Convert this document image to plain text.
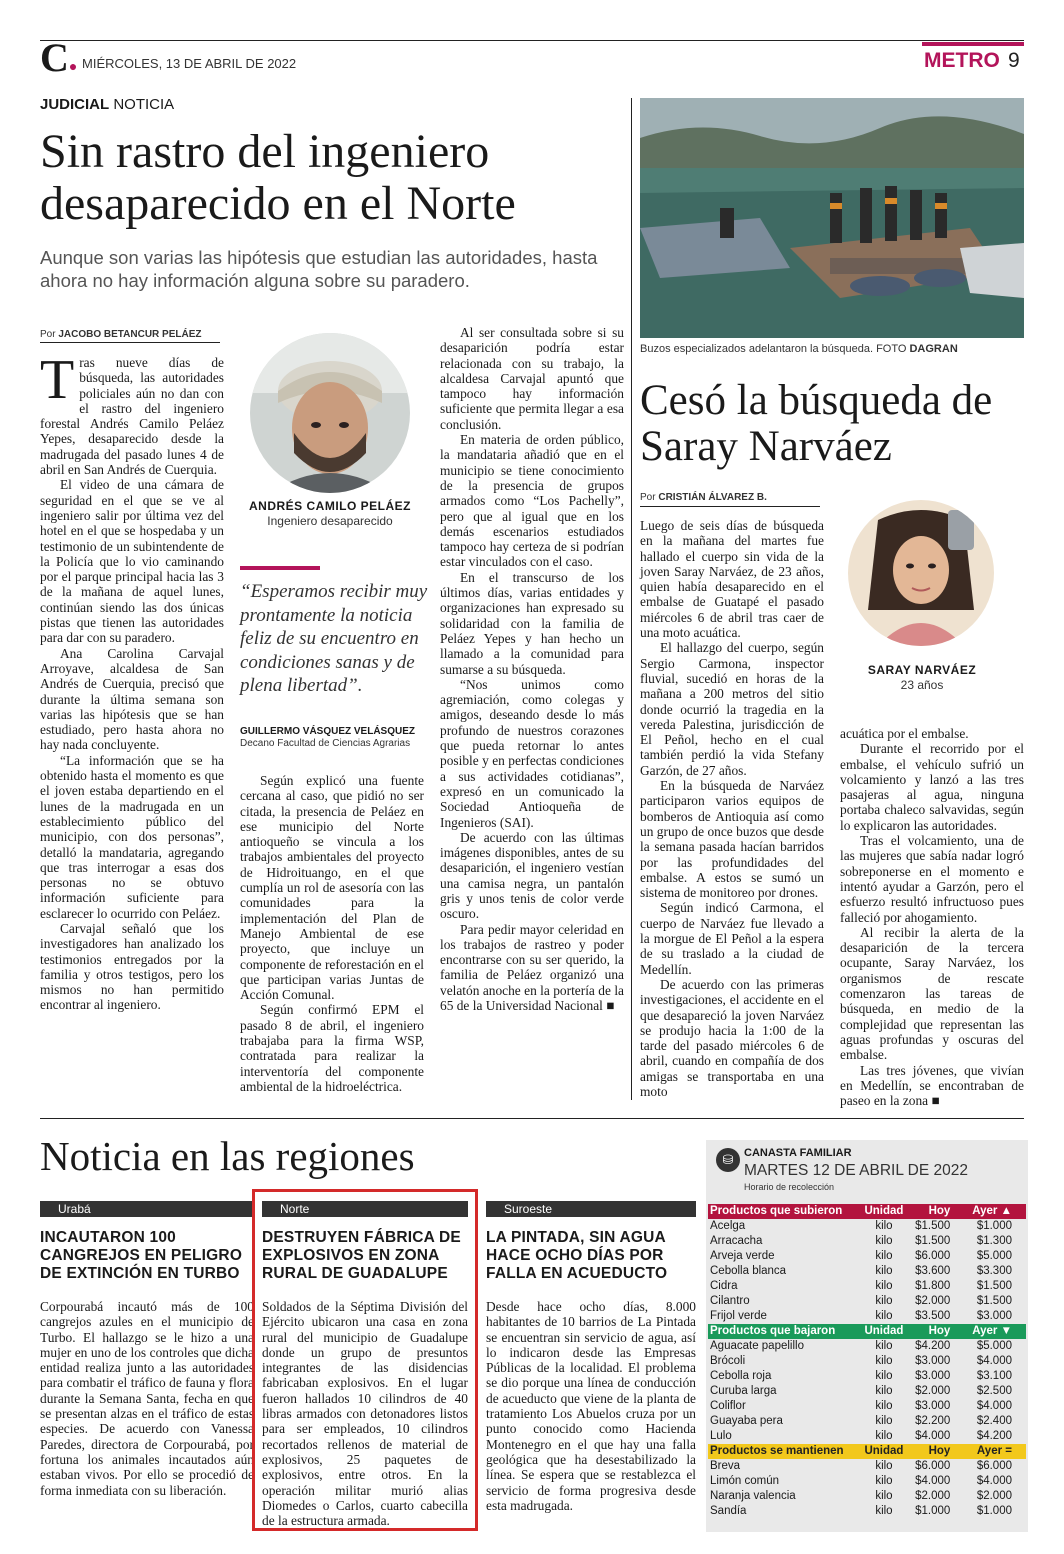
C● MIÉRCOLES, 13 DE ABRIL DE 2022	METRO 9
JUDICIAL NOTICIA
Sin rastro del ingeniero desaparecido en el Norte
Aunque son varias las hipótesis que estudian las autoridades, hasta ahora no hay información alguna sobre su paradero.
Por JACOBO BETANCUR PELÁEZ
T ras nueve días de búsqueda, las autoridades policiales aún no dan con el rastro del ingeniero forestal Andrés Camilo Peláez Yepes, desaparecido desde la madrugada del pasado lunes 4 de abril en San Andrés de Cuerquia.

El video de una cámara de seguridad en el que se ve al ingeniero salir por última vez del hotel en el que se hospedaba y un testimonio de un subintendente de la Policía que lo vio caminando por el parque principal hacia las 3 de la mañana de aquel lunes, continúan siendo las dos únicas pistas que tienen las autoridades para dar con su paradero.

Ana Carolina Carvajal Arroyave, alcaldesa de San Andrés de Cuerquia, precisó que durante la última semana son varias las hipótesis que se han estudiado, pero hasta ahora no hay nada concluyente.

“La información que se ha obtenido hasta el momento es que el joven estaba departiendo en el lunes de la madrugada en un establecimiento público del municipio, con dos personas”, detalló la mandataria, agregando que tras interrogar a esas dos personas no se obtuvo información suficiente para esclarecer lo ocurrido con Peláez.

Carvajal señaló que los investigadores han analizado los testimonios entregados por la familia y otros testigos, pero los mismos no han permitido encontrar al ingeniero.

ANDRÉS CAMILO PELÁEZ
Ingeniero desaparecido
“Esperamos recibir muy prontamente la noticia feliz de su encuentro en condiciones sanas y de plena libertad”.
GUILLERMO VÁSQUEZ VELÁSQUEZ
Decano Facultad de Ciencias Agrarias

Según explicó una fuente cercana al caso, que pidió no ser citada, la presencia de Peláez en ese municipio del Norte antioqueño se vincula a los trabajos ambientales del proyecto de Hidroituango, en el que cumplía un rol de asesoría con las comunidades para la implementación del Plan de Manejo Ambiental de ese proyecto, que incluye un componente de reforestación en el que participan varias Juntas de Acción Comunal.

Según confirmó EPM el pasado 8 de abril, el ingeniero trabajaba para la firma WSP, contratada para realizar la interventoría del componente ambiental de la hidroeléctrica.

Al ser consultada sobre si su desaparición podría estar relacionada con su trabajo, la alcaldesa Carvajal apuntó que tampoco hay información suficiente que permita llegar a esa conclusión.

En materia de orden público, la mandataria añadió que en el municipio se tiene conocimiento de la presencia de grupos armados como “Los Pachelly”, pero que al igual que en los demás escenarios estudiados tampoco hay certeza de si podrían estar vinculados con el caso.

En el transcurso de los últimos días, varias entidades y organizaciones han expresado su solidaridad con la familia de Peláez Yepes y han hecho un llamado a la comunidad para sumarse a su búsqueda.

“Nos unimos como agremiación, como colegas y amigos, deseando desde lo más profundo de nuestros corazones que pueda retornar lo antes posible y en perfectas condiciones a sus actividades cotidianas”, expresó en un comunicado la Sociedad Antioqueña de Ingenieros (SAI).

De acuerdo con las últimas imágenes disponibles, antes de su desaparición, el ingeniero vestían una camisa negra, un pantalón gris y unos tenis de color verde oscuro.

Para pedir mayor celeridad en los trabajos de rastreo y poder encontrarse con su ser querido, la familia de Peláez organizó una velatón anoche en la portería de la 65 de la Universidad Nacional ■

Buzos especializados adelantaron la búsqueda. FOTO DAGRAN
Cesó la búsqueda de Saray Narváez
Por CRISTIÁN ÁLVAREZ B.

Luego de seis días de búsqueda en la mañana del martes fue hallado el cuerpo sin vida de la joven Saray Narváez, de 23 años, quien había desaparecido en el embalse de Guatapé el pasado miércoles 6 de abril tras caer de una moto acuática.

El hallazgo del cuerpo, según Sergio Carmona, inspector fluvial, sucedió en horas de la mañana a 200 metros del sitio donde ocurrió la tragedia en la vereda Palestina, jurisdicción de El Peñol, hecho en el cual también perdió la vida Stefany Garzón, de 27 años.

En la búsqueda de Narváez participaron varios equipos de bomberos de Antioquia así como un grupo de once buzos que desde la semana pasada hacían barridos por las profundidades del embalse. A estos se sumó un sistema de monitoreo por drones.

Según indicó Carmona, el cuerpo de Narváez fue llevado a la morgue de El Peñol a la espera de su traslado a la ciudad de Medellín.

De acuerdo con las primeras investigaciones, el accidente en el que desapareció la joven Narváez se produjo hacia la 1:00 de la tarde del pasado miércoles 6 de abril, cuando en compañía de dos amigas se transportaba en una moto

SARAY NARVÁEZ
23 años

acuática por el embalse.

Durante el recorrido por el embalse, el vehículo sufrió un volcamiento y lanzó a las tres pasajeras al agua, ninguna portaba chaleco salvavidas, según lo explicaron las autoridades.

Tras el volcamiento, una de las mujeres que sabía nadar logró sobreponerse en el momento e intentó ayudar a Garzón, pero el esfuerzo resultó infructuoso pues falleció por ahogamiento.

Al recibir la alerta de la desaparición de la tercera ocupante, Saray Narváez, los organismos de rescate comenzaron las tareas de búsqueda, en medio de la complejidad que representan las aguas profundas y oscuras del embalse.

Las tres jóvenes, que vivían en Medellín, se encontraban de paseo en la zona ■

Noticia en las regiones
Urabá
INCAUTARON 100 CANGREJOS EN PELIGRO DE EXTINCIÓN EN TURBO

Corpourabá incautó más de 100 cangrejos azules en el municipio de Turbo. El hallazgo se le hizo a una mujer en uno de los controles que dicha entidad realiza junto a las autoridades para combatir el tráfico de fauna y flora durante la Semana Santa, fecha en que se presentan alzas en el tráfico de estas especies. De acuerdo con Vanessa Paredes, directora de Corpourabá, por fortuna los animales incautados aún estaban vivos. Por ello se procedió de forma inmediata con su liberación.

Norte
DESTRUYEN FÁBRICA DE EXPLOSIVOS EN ZONA RURAL DE GUADALUPE

Soldados de la Séptima División del Ejército ubicaron una casa en zona rural del municipio de Guadalupe donde un grupo de presuntos integrantes de las disidencias fabricaban explosivos. En el lugar fueron hallados 10 cilindros de 40 libras armados con detonadores listos para ser empleados, 10 cilindros recortados rellenos de material de explosivos, 25 paquetes de explosivos, entre otros. En la operación militar murió alias Diomedes o Carlos, cuarto cabecilla de la estructura armada.

Suroeste
LA PINTADA, SIN AGUA HACE OCHO DÍAS POR FALLA EN ACUEDUCTO

Desde hace ocho días, 8.000 habitantes de 10 barrios de La Pintada se encuentran sin servicio de agua, así lo indicaron desde las Empresas Públicas de la localidad. El problema se dio porque una línea de conducción de acueducto que viene de la planta de tratamiento Los Abuelos cruza por un punto conocido como Hacienda Montenegro en el que hay una falla geológica que ha desestabilizado la línea. Se espera que se restablezca el servicio de forma progresiva desde esta madrugada.

⛁ CANASTA FAMILIAR
MARTES 12 DE ABRIL DE 2022
Horario de recolección
Productos que subieron	Unidad	Hoy	Ayer ▲
Acelga	kilo	$1.500	$1.000
Arracacha	kilo	$1.500	$1.300
Arveja verde	kilo	$6.000	$5.000
Cebolla blanca	kilo	$3.600	$3.300
Cidra	kilo	$1.800	$1.500
Cilantro	kilo	$2.000	$1.500
Frijol verde	kilo	$3.500	$3.000
Productos que bajaron	Unidad	Hoy	Ayer ▼
Aguacate papelillo	kilo	$4.200	$5.000
Brócoli	kilo	$3.000	$4.000
Cebolla roja	kilo	$3.000	$3.100
Curuba larga	kilo	$2.000	$2.500
Coliflor	kilo	$3.000	$4.000
Guayaba pera	kilo	$2.200	$2.400
Lulo	kilo	$4.000	$4.200
Productos se mantienen	Unidad	Hoy	Ayer =
Breva	kilo	$6.000	$6.000
Limón común	kilo	$4.000	$4.000
Naranja valencia	kilo	$2.000	$2.000
Sandía	kilo	$1.000	$1.000
